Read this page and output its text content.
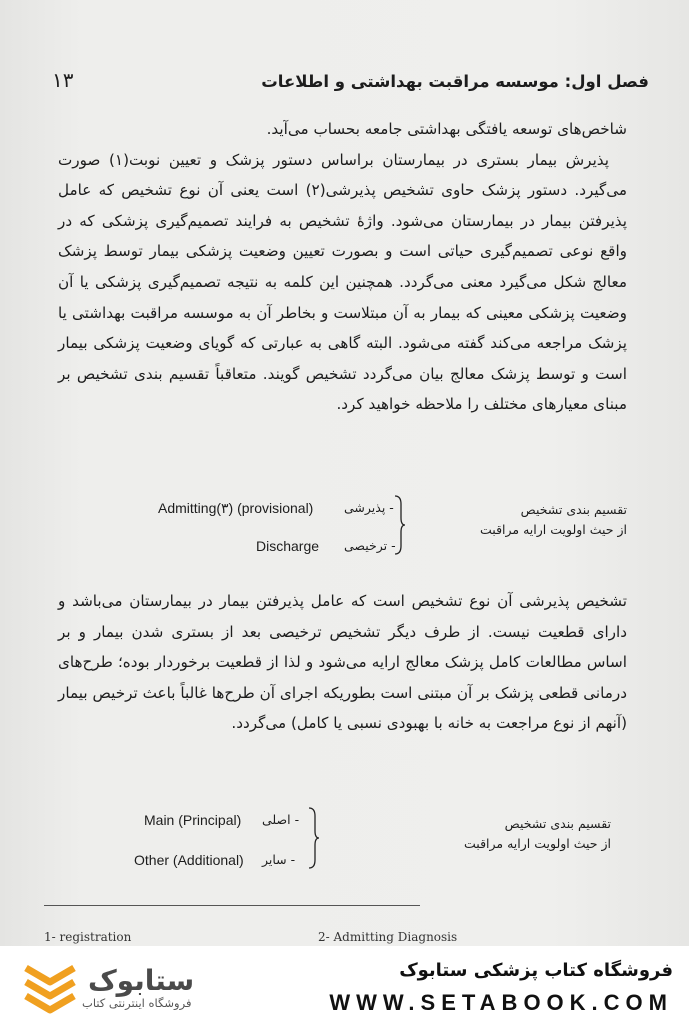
۱۳	فصل اول: موسسه مراقبت بهداشتی و اطلاعات

شاخص‌های توسعه یافتگی بهداشتی جامعه بحساب می‌آید.

پذیرش بیمار بستری در بیمارستان براساس دستور پزشک و تعیین نوبت(۱) صورت می‌گیرد. دستور پزشک حاوی تشخیص پذیرشی(۲) است یعنی آن نوع تشخیص که عامل پذیرفتن بیمار در بیمارستان می‌شود. واژهٔ تشخیص به فرایند تصمیم‌گیری پزشکی که در واقع نوعی تصمیم‌گیری حیاتی است و بصورت تعیین وضعیت پزشکی بیمار توسط پزشک معالج شکل می‌گیرد معنی می‌گردد. همچنین این کلمه به نتیجه تصمیم‌گیری پزشکی یا آن وضعیت پزشکی معینی که بیمار به آن مبتلاست و بخاطر آن به موسسه مراقبت بهداشتی یا پزشک مراجعه می‌کند گفته می‌شود. البته گاهی به عبارتی که گویای وضعیت پزشکی بیمار است و توسط پزشک معالج بیان می‌گردد تشخیص گویند. متعاقباً تقسیم بندی تشخیص بر مبنای معیارهای مختلف را ملاحظه خواهید کرد.

تقسیم بندی تشخیص
از حیث اولویت ارایه مراقبت
- پذیرشی
Admitting(۳) (provisional)
- ترخیصی
Discharge

تشخیص پذیرشی آن نوع تشخیص است که عامل پذیرفتن بیمار در بیمارستان می‌باشد و دارای قطعیت نیست. از طرف دیگر تشخیص ترخیصی بعد از بستری شدن بیمار و بر اساس مطالعات کامل پزشک معالج ارایه می‌شود و لذا از قطعیت برخوردار بوده؛ طرح‌های درمانی قطعی پزشک بر آن مبتنی است بطوریکه اجرای آن طرح‌ها غالباً باعث ترخیص بیمار (آنهم از نوع مراجعت به خانه با بهبودی نسبی یا کامل) می‌گردد.

تقسیم بندی تشخیص
از حیث اولویت ارایه مراقبت
- اصلی
Main (Principal)
- سایر
Other (Additional)
1- registration	2- Admitting Diagnosis
ستابوک
فروشگاه اینترنتی کتاب
فروشگاه کتاب پزشکی ستابوک
WWW.SETABOOK.COM
